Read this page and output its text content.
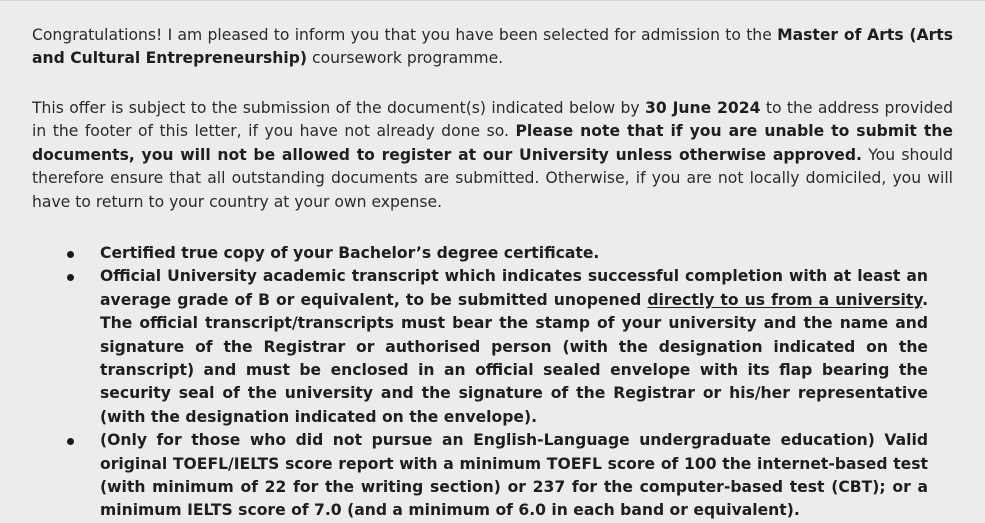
Congratulations! I am pleased to inform you that you have been selected for admission to the Master of Arts (Arts and Cultural Entrepreneurship) coursework programme.

This offer is subject to the submission of the document(s) indicated below by 30 June 2024 to the address provided in the footer of this letter, if you have not already done so. Please note that if you are unable to submit the documents, you will not be allowed to register at our University unless otherwise approved. You should therefore ensure that all outstanding documents are submitted. Otherwise, if you are not locally domiciled, you will have to return to your country at your own expense.

Certified true copy of your Bachelor’s degree certificate.
Official University academic transcript which indicates successful completion with at least an average grade of B or equivalent, to be submitted unopened directly to us from a university. The official transcript/transcripts must bear the stamp of your university and the name and signature of the Registrar or authorised person (with the designation indicated on the transcript) and must be enclosed in an official sealed envelope with its flap bearing the security seal of the university and the signature of the Registrar or his/her representative (with the designation indicated on the envelope).
(Only for those who did not pursue an English-Language undergraduate education) Valid original TOEFL/IELTS score report with a minimum TOEFL score of 100 the internet-based test (with minimum of 22 for the writing section) or 237 for the computer-based test (CBT); or a minimum IELTS score of 7.0 (and a minimum of 6.0 in each band or equivalent).
